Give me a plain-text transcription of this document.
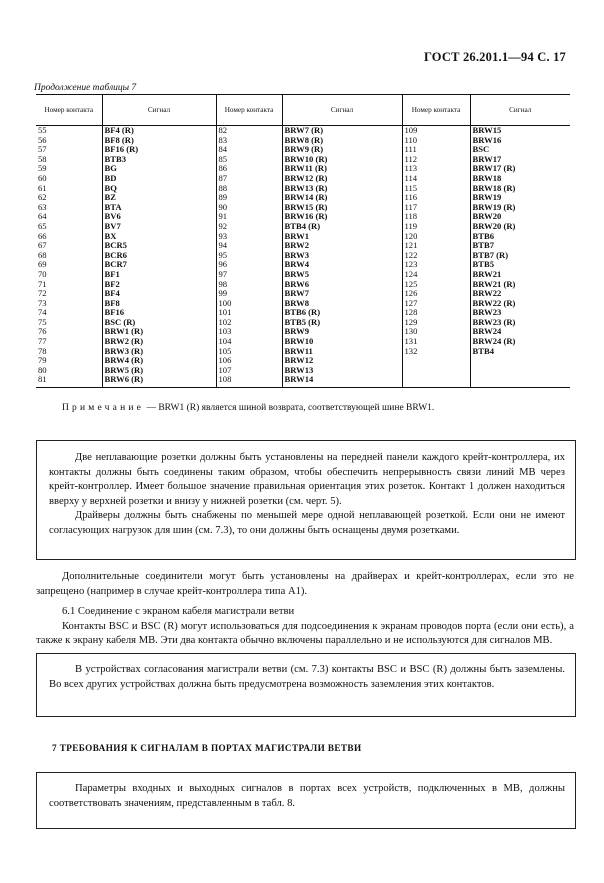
ГОСТ 26.201.1—94 С. 17
Продолжение таблицы 7
Номер контакта	Сигнал	Номер контакта	Сигнал	Номер контакта	Сигнал
55	BF4 (R)	82	BRW7 (R)	109	BRW15
56	BF8 (R)	83	BRW8 (R)	110	BRW16
57	BF16 (R)	84	BRW9 (R)	111	BSC
58	BTB3	85	BRW10 (R)	112	BRW17
59	BG	86	BRW11 (R)	113	BRW17 (R)
60	BD	87	BRW12 (R)	114	BRW18
61	BQ	88	BRW13 (R)	115	BRW18 (R)
62	BZ	89	BRW14 (R)	116	BRW19
63	BTA	90	BRW15 (R)	117	BRW19 (R)
64	BV6	91	BRW16 (R)	118	BRW20
65	BV7	92	BTB4 (R)	119	BRW20 (R)
66	BX	93	BRW1	120	BTB6
67	BCR5	94	BRW2	121	BTB7
68	BCR6	95	BRW3	122	BTB7 (R)
69	BCR7	96	BRW4	123	BTB5
70	BF1	97	BRW5	124	BRW21
71	BF2	98	BRW6	125	BRW21 (R)
72	BF4	99	BRW7	126	BRW22
73	BF8	100	BRW8	127	BRW22 (R)
74	BF16	101	BTB6 (R)	128	BRW23
75	BSC (R)	102	BTB5 (R)	129	BRW23 (R)
76	BRW1 (R)	103	BRW9	130	BRW24
77	BRW2 (R)	104	BRW10	131	BRW24 (R)
78	BRW3 (R)	105	BRW11	132	BTB4
79	BRW4 (R)	106	BRW12		
80	BRW5 (R)	107	BRW13		
81	BRW6 (R)	108	BRW14		
Примечание — BRW1 (R) является шиной возврата, соответствующей шине BRW1.

Две неплавающие розетки должны быть установлены на передней панели каждого крейт-контроллера, их контакты должны быть соединены таким образом, чтобы обеспечить непрерывность связи линий МВ через крейт-контроллер. Имеет большое значение правильная ориентация этих розеток. Контакт 1 должен находиться вверху у верхней розетки и внизу у нижней розетки (см. черт. 5).

Драйверы должны быть снабжены по меньшей мере одной неплавающей розеткой. Если они не имеют согласующих нагрузок для шин (см. 7.3), то они должны быть оснащены двумя розетками.

Дополнительные соединители могут быть установлены на драйверах и крейт-контроллерах, если это не запрещено (например в случае крейт-контроллера типа А1).

6.1 Соединение с экраном кабеля магистрали ветви

Контакты BSC и BSC (R) могут использоваться для подсоединения к экранам проводов порта (если они есть), а также к экрану кабеля МВ. Эти два контакта обычно включены параллельно и не используются для сигналов МВ.

В устройствах согласования магистрали ветви (см. 7.3) контакты BSC и BSC (R) должны быть заземлены. Во всех других устройствах должна быть предусмотрена возможность заземления этих контактов.

7 ТРЕБОВАНИЯ К СИГНАЛАМ В ПОРТАХ МАГИСТРАЛИ ВЕТВИ

Параметры входных и выходных сигналов в портах всех устройств, подключенных в МВ, должны соответствовать значениям, представленным в табл. 8.
